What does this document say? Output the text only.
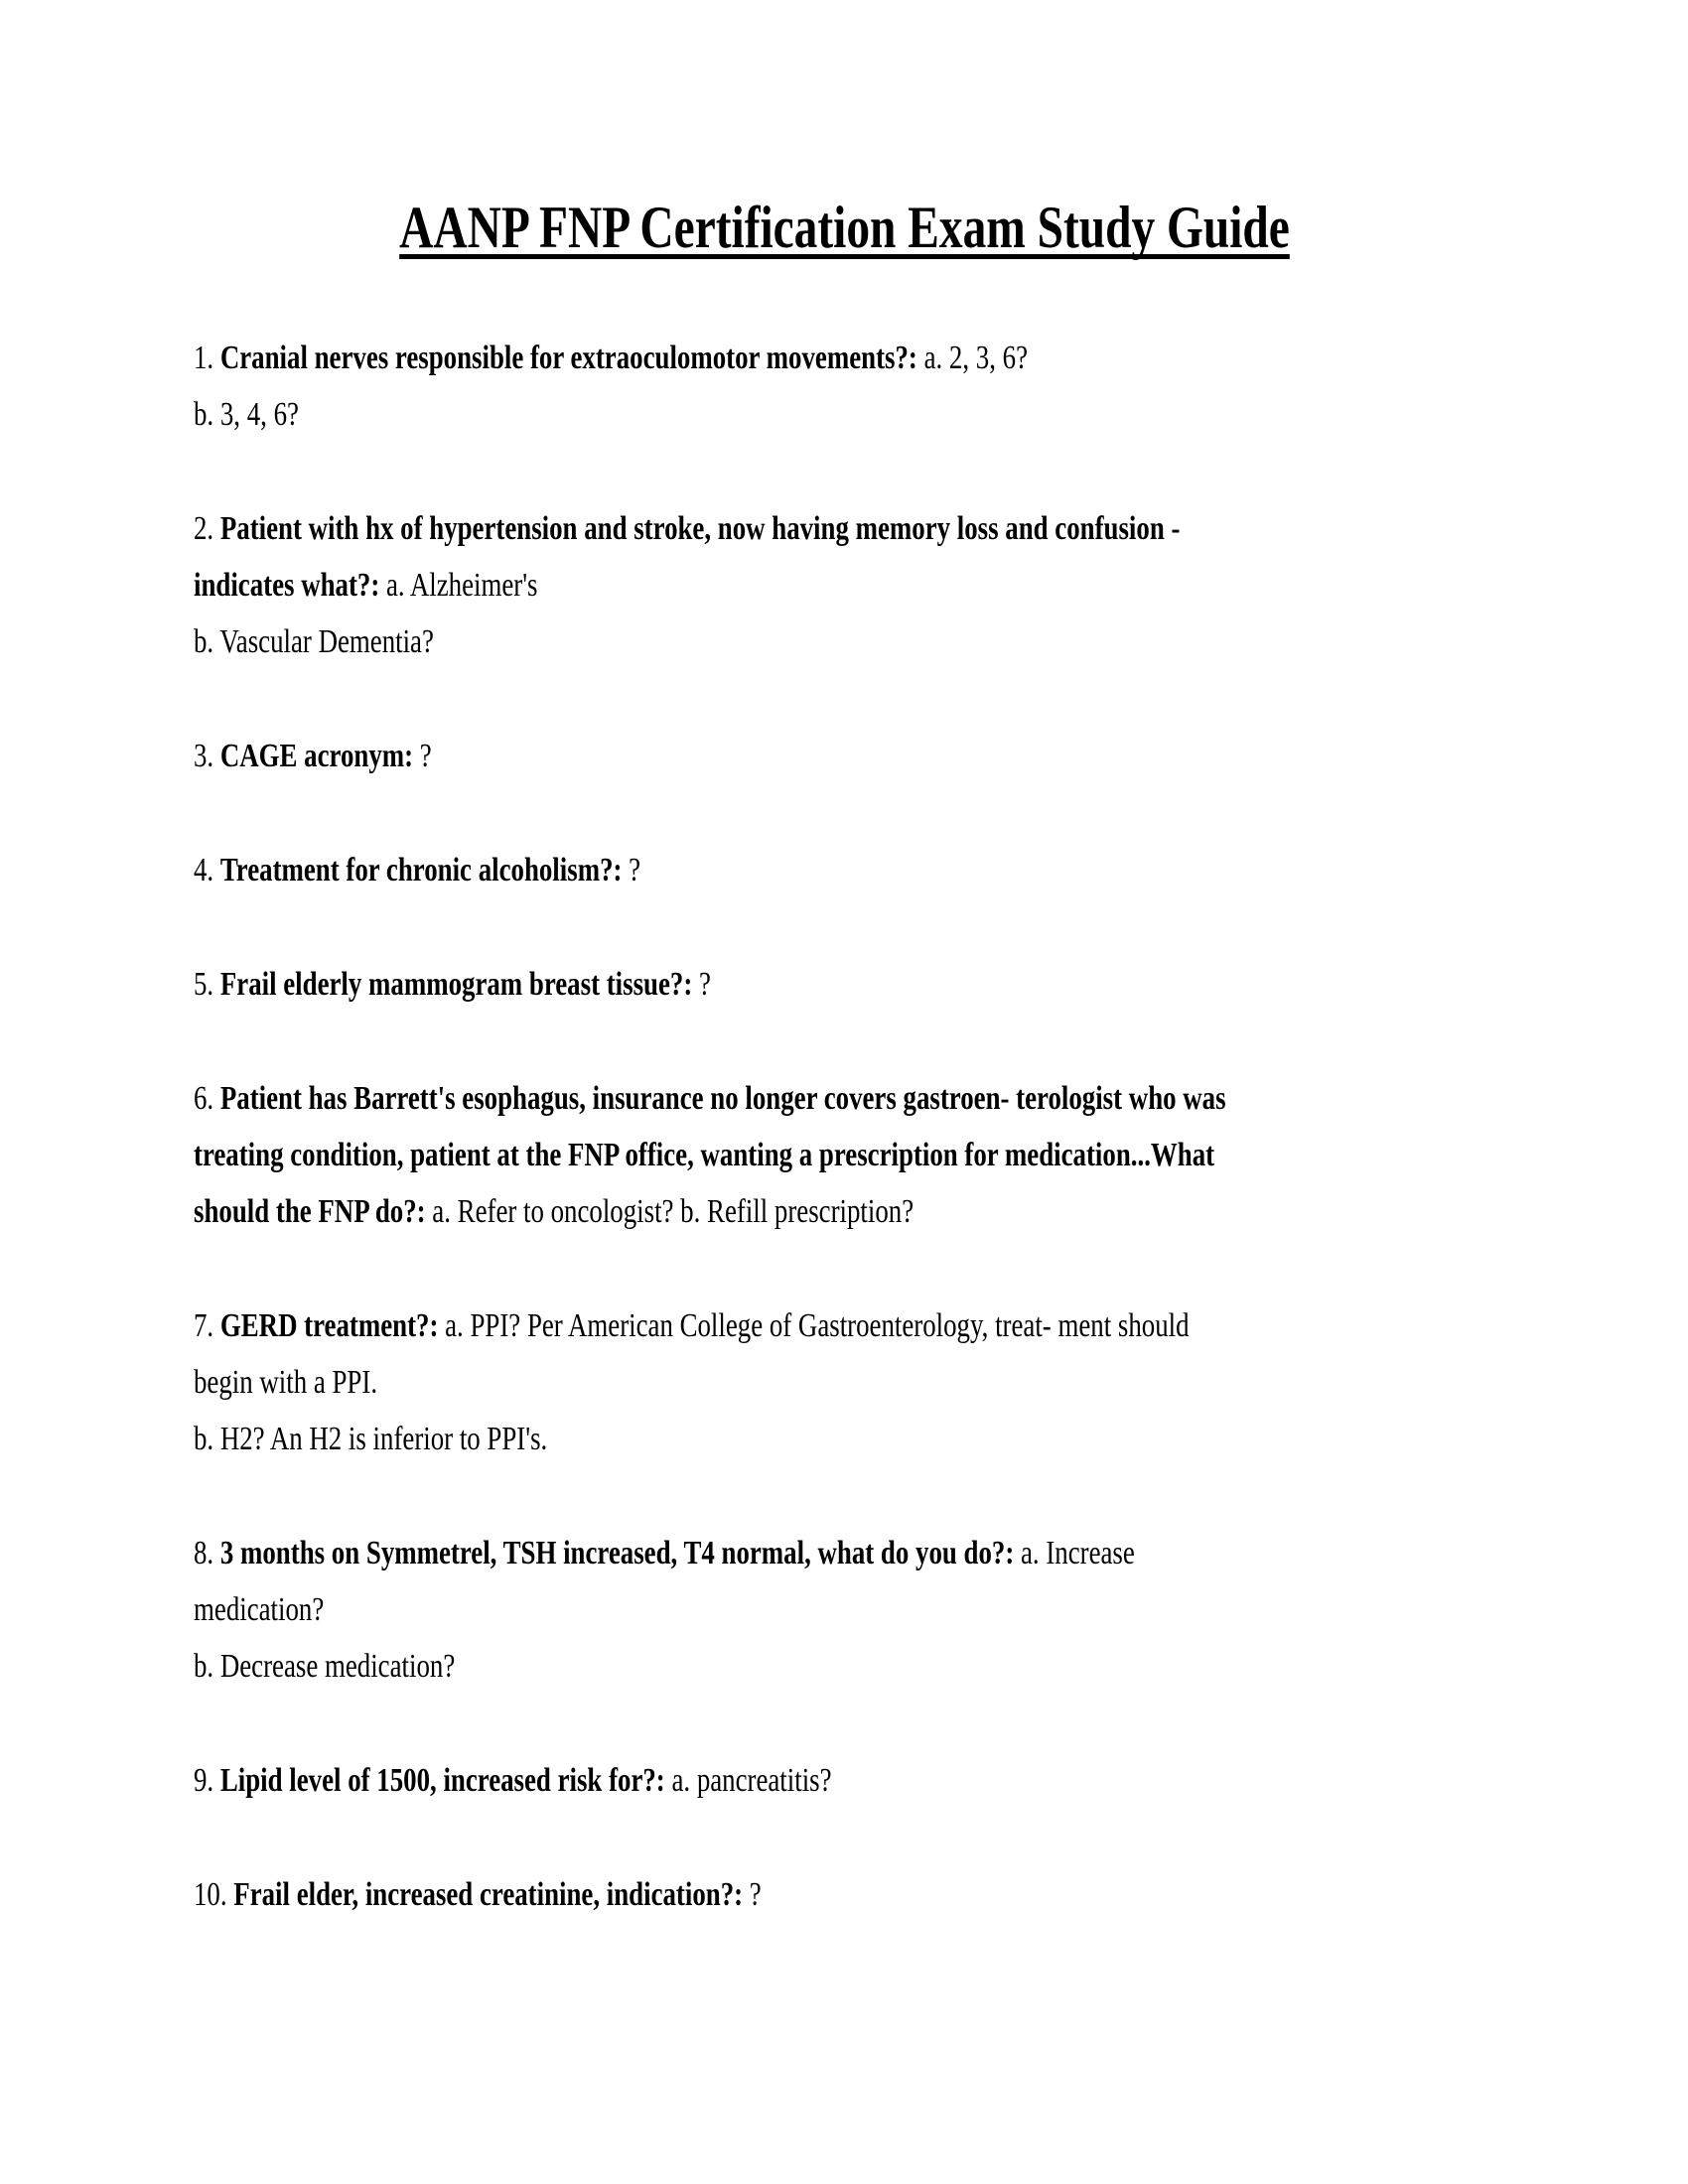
AANP FNP Certification Exam Study Guide
1. Cranial nerves responsible for extraoculomotor movements?: a. 2, 3, 6?
b. 3, 4, 6?
2. Patient with hx of hypertension and stroke, now having memory loss and confusion -
indicates what?: a. Alzheimer's
b. Vascular Dementia?
3. CAGE acronym: ?
4. Treatment for chronic alcoholism?: ?
5. Frail elderly mammogram breast tissue?: ?
6. Patient has Barrett's esophagus, insurance no longer covers gastroen- terologist who was
treating condition, patient at the FNP office, wanting a prescription for medication...What
should the FNP do?: a. Refer to oncologist? b. Refill prescription?
7. GERD treatment?: a. PPI? Per American College of Gastroenterology, treat- ment should
begin with a PPI.
b. H2? An H2 is inferior to PPI's.
8. 3 months on Symmetrel, TSH increased, T4 normal, what do you do?: a. Increase
medication?
b. Decrease medication?
9. Lipid level of 1500, increased risk for?: a. pancreatitis?
10. Frail elder, increased creatinine, indication?: ?
